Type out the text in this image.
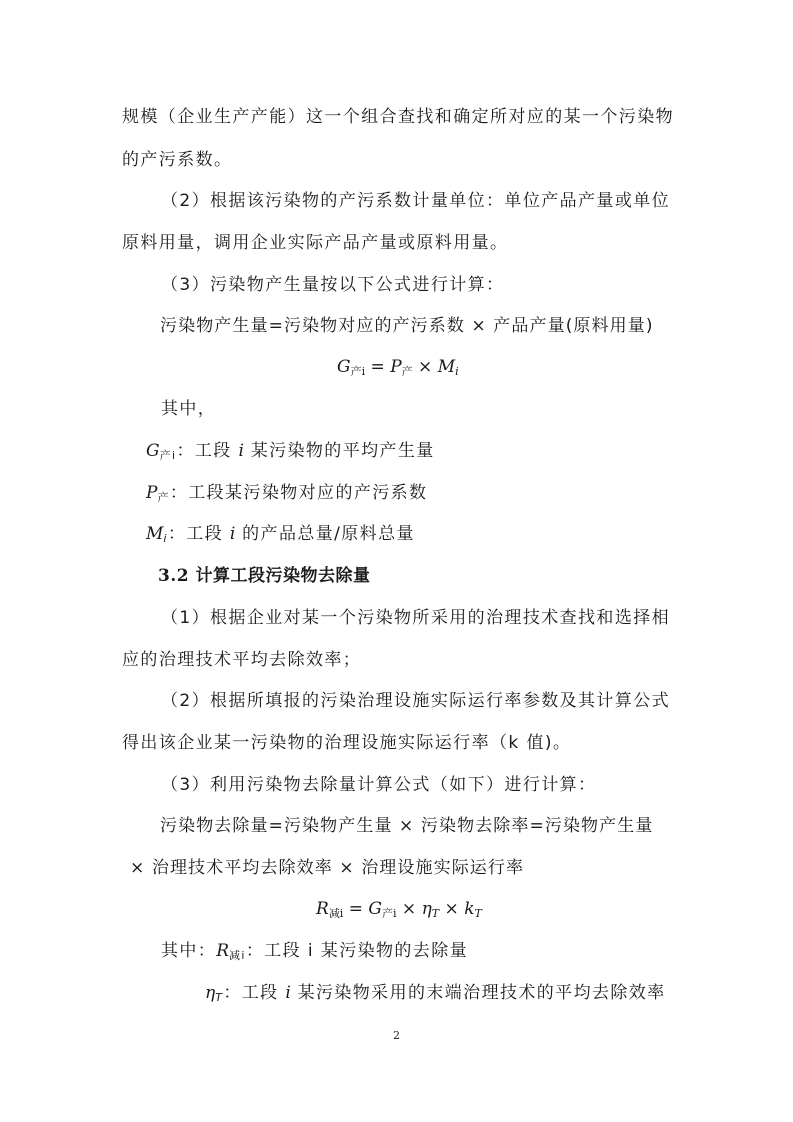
规模（企业生产产能）这一个组合查找和确定所对应的某一个污染物
的产污系数。
（2）根据该污染物的产污系数计量单位：单位产品产量或单位
原料用量，调用企业实际产品产量或原料用量。
（3）污染物产生量按以下公式进行计算：
污染物产生量=污染物对应的产污系数 × 产品产量(原料用量)
$G_{产i} = P_产 \times M_i$
其中，
$G_{产i}$：工段 i 某污染物的平均产生量
$P_产$：工段某污染物对应的产污系数
$M_i$：工段 i 的产品总量/原料总量
3.2 计算工段污染物去除量
（1）根据企业对某一个污染物所采用的治理技术查找和选择相
应的治理技术平均去除效率；
（2）根据所填报的污染治理设施实际运行率参数及其计算公式
得出该企业某一污染物的治理设施实际运行率（k 值)。
（3）利用污染物去除量计算公式（如下）进行计算：
污染物去除量=污染物产生量 × 污染物去除率=污染物产生量
× 治理技术平均去除效率 × 治理设施实际运行率
$R_{减i} = G_{产i} \times \eta_T \times k_T$
其中：$R_{减i}$：工段 i 某污染物的去除量
$\eta_T$：工段 i 某污染物采用的末端治理技术的平均去除效率
2
